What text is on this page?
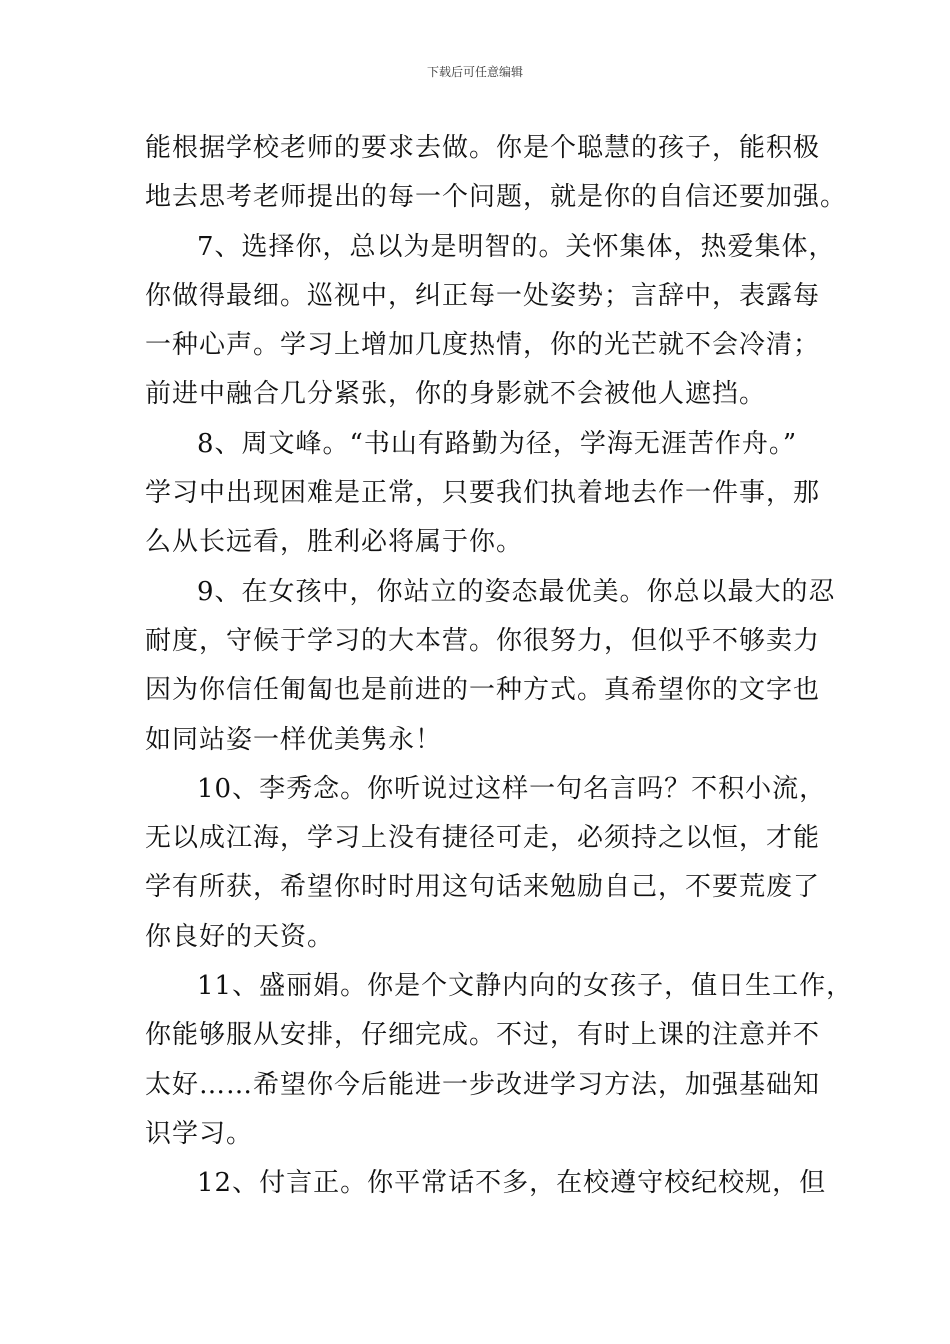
下载后可任意编辑
能根据学校老师的要求去做。你是个聪慧的孩子，能积极
地去思考老师提出的每一个问题，就是你的自信还要加强。
7、选择你，总以为是明智的。关怀集体，热爱集体，
你做得最细。巡视中，纠正每一处姿势；言辞中，表露每
一种心声。学习上增加几度热情，你的光芒就不会冷清；
前进中融合几分紧张，你的身影就不会被他人遮挡。
8、周文峰。“书山有路勤为径，学海无涯苦作舟。”
学习中出现困难是正常，只要我们执着地去作一件事，那
么从长远看，胜利必将属于你。
9、在女孩中，你站立的姿态最优美。你总以最大的忍
耐度，守候于学习的大本营。你很努力，但似乎不够卖力
因为你信任匍匐也是前进的一种方式。真希望你的文字也
如同站姿一样优美隽永！
10、李秀念。你听说过这样一句名言吗？不积小流，
无以成江海，学习上没有捷径可走，必须持之以恒，才能
学有所获，希望你时时用这句话来勉励自己，不要荒废了
你良好的天资。
11、盛丽娟。你是个文静内向的女孩子，值日生工作，
你能够服从安排，仔细完成。不过，有时上课的注意并不
太好……希望你今后能进一步改进学习方法，加强基础知
识学习。
12、付言正。你平常话不多，在校遵守校纪校规，但
